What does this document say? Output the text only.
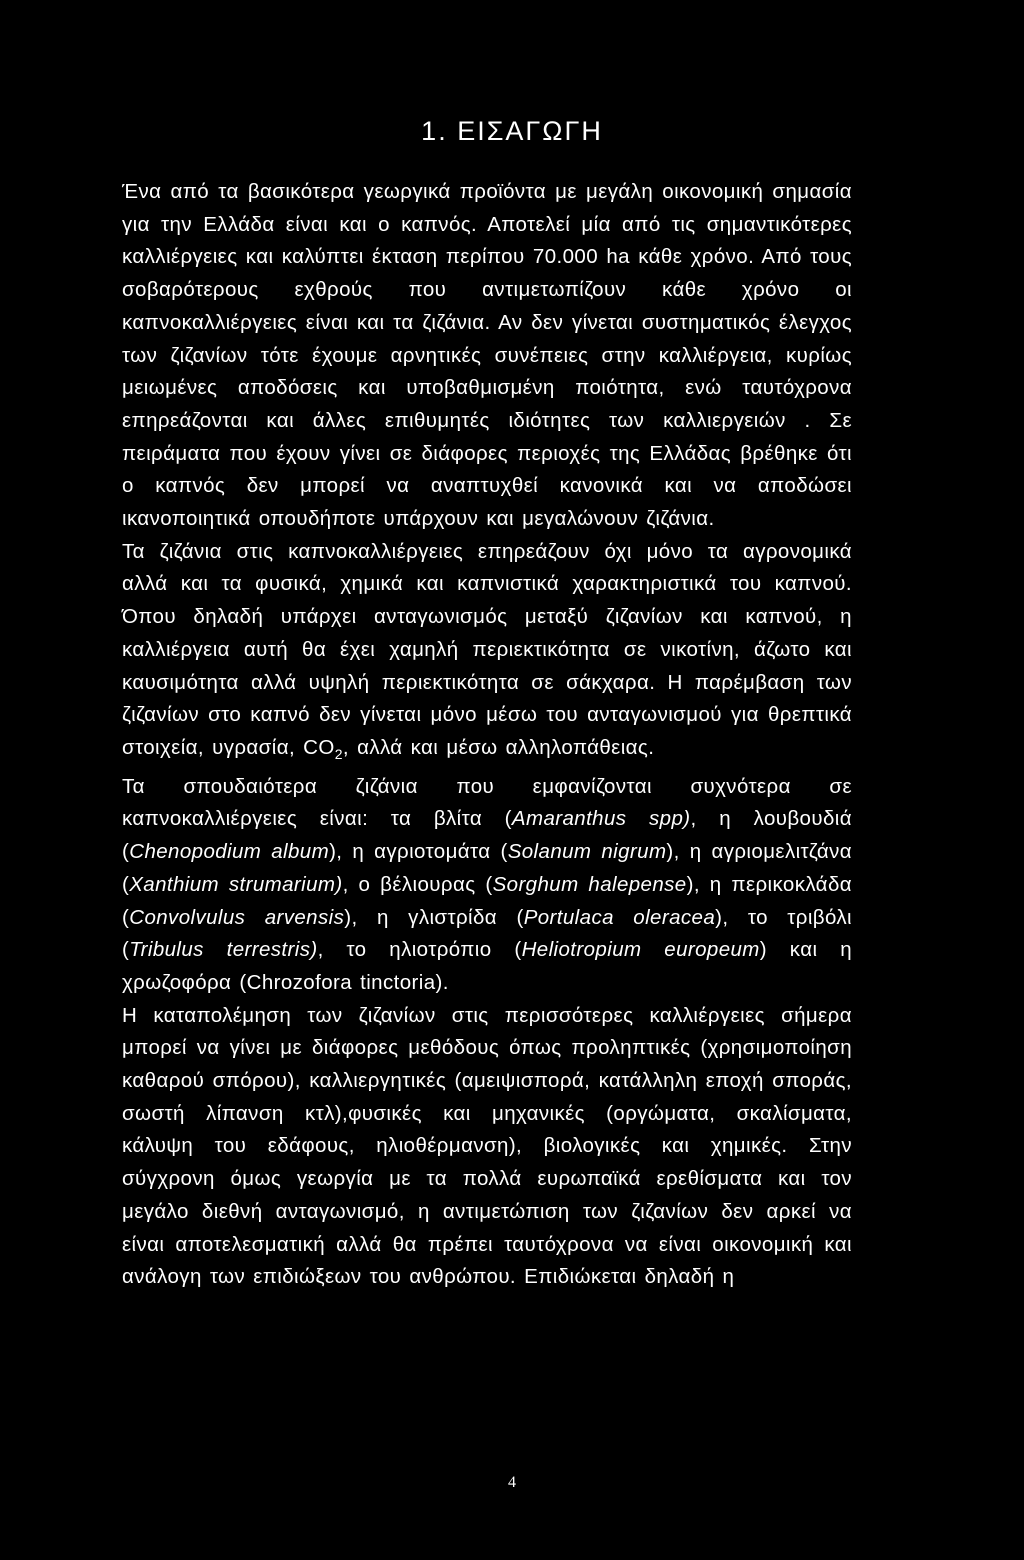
1. ΕΙΣΑΓΩΓΗ

Ένα από τα βασικότερα γεωργικά προϊόντα με μεγάλη οικονομική σημασία για την Ελλάδα είναι και ο καπνός. Αποτελεί μία από τις σημαντικότερες καλλιέργειες και καλύπτει έκταση περίπου 70.000 ha κάθε χρόνο. Από τους σοβαρότερους εχθρούς που αντιμετωπίζουν κάθε χρόνο οι καπνοκαλλιέργειες είναι και τα ζιζάνια. Αν δεν γίνεται συστηματικός έλεγχος των ζιζανίων τότε έχουμε αρνητικές συνέπειες στην καλλιέργεια, κυρίως μειωμένες αποδόσεις και υποβαθμισμένη ποιότητα, ενώ ταυτόχρονα επηρεάζονται και άλλες επιθυμητές ιδιότητες των καλλιεργειών . Σε πειράματα που έχουν γίνει σε διάφορες περιοχές της Ελλάδας βρέθηκε ότι ο καπνός δεν μπορεί να αναπτυχθεί κανονικά και να αποδώσει ικανοποιητικά οπουδήποτε υπάρχουν και μεγαλώνουν ζιζάνια.

Τα ζιζάνια στις καπνοκαλλιέργειες επηρεάζουν όχι μόνο τα αγρονομικά αλλά και τα φυσικά, χημικά και καπνιστικά χαρακτηριστικά του καπνού. Όπου δηλαδή υπάρχει ανταγωνισμός μεταξύ ζιζανίων και καπνού, η καλλιέργεια αυτή θα έχει χαμηλή περιεκτικότητα σε νικοτίνη, άζωτο και καυσιμότητα αλλά υψηλή περιεκτικότητα σε σάκχαρα. Η παρέμβαση των ζιζανίων στο καπνό δεν γίνεται μόνο μέσω του ανταγωνισμού για θρεπτικά στοιχεία, υγρασία, $CO_2$, αλλά και μέσω αλληλοπάθειας.

Τα σπουδαιότερα ζιζάνια που εμφανίζονται συχνότερα σε καπνοκαλλιέργειες είναι: τα βλίτα (Amaranthus spp), η λουβουδιά (Chenopodium album), η αγριοτομάτα (Solanum nigrum), η αγριομελιτζάνα (Xanthium strumarium), ο βέλιουρας (Sorghum halepense), η περικοκλάδα (Convolvulus arvensis), η γλιστρίδα (Portulaca oleracea), το τριβόλι (Tribulus terrestris), το ηλιοτρόπιο (Heliotropium europeum) και η χρωζοφόρα (Chrozofora tinctoria).

Η καταπολέμηση των ζιζανίων στις περισσότερες καλλιέργειες σήμερα μπορεί να γίνει με διάφορες μεθόδους όπως προληπτικές (χρησιμοποίηση καθαρού σπόρου), καλλιεργητικές (αμειψισπορά, κατάλληλη εποχή σποράς, σωστή λίπανση κτλ),φυσικές και μηχανικές (οργώματα, σκαλίσματα, κάλυψη του εδάφους, ηλιοθέρμανση), βιολογικές και χημικές. Στην σύγχρονη όμως γεωργία με τα πολλά ευρωπαϊκά ερεθίσματα και τον μεγάλο διεθνή ανταγωνισμό, η αντιμετώπιση των ζιζανίων δεν αρκεί να είναι αποτελεσματική αλλά θα πρέπει ταυτόχρονα να είναι οικονομική και ανάλογη των επιδιώξεων του ανθρώπου. Επιδιώκεται δηλαδή η

4
